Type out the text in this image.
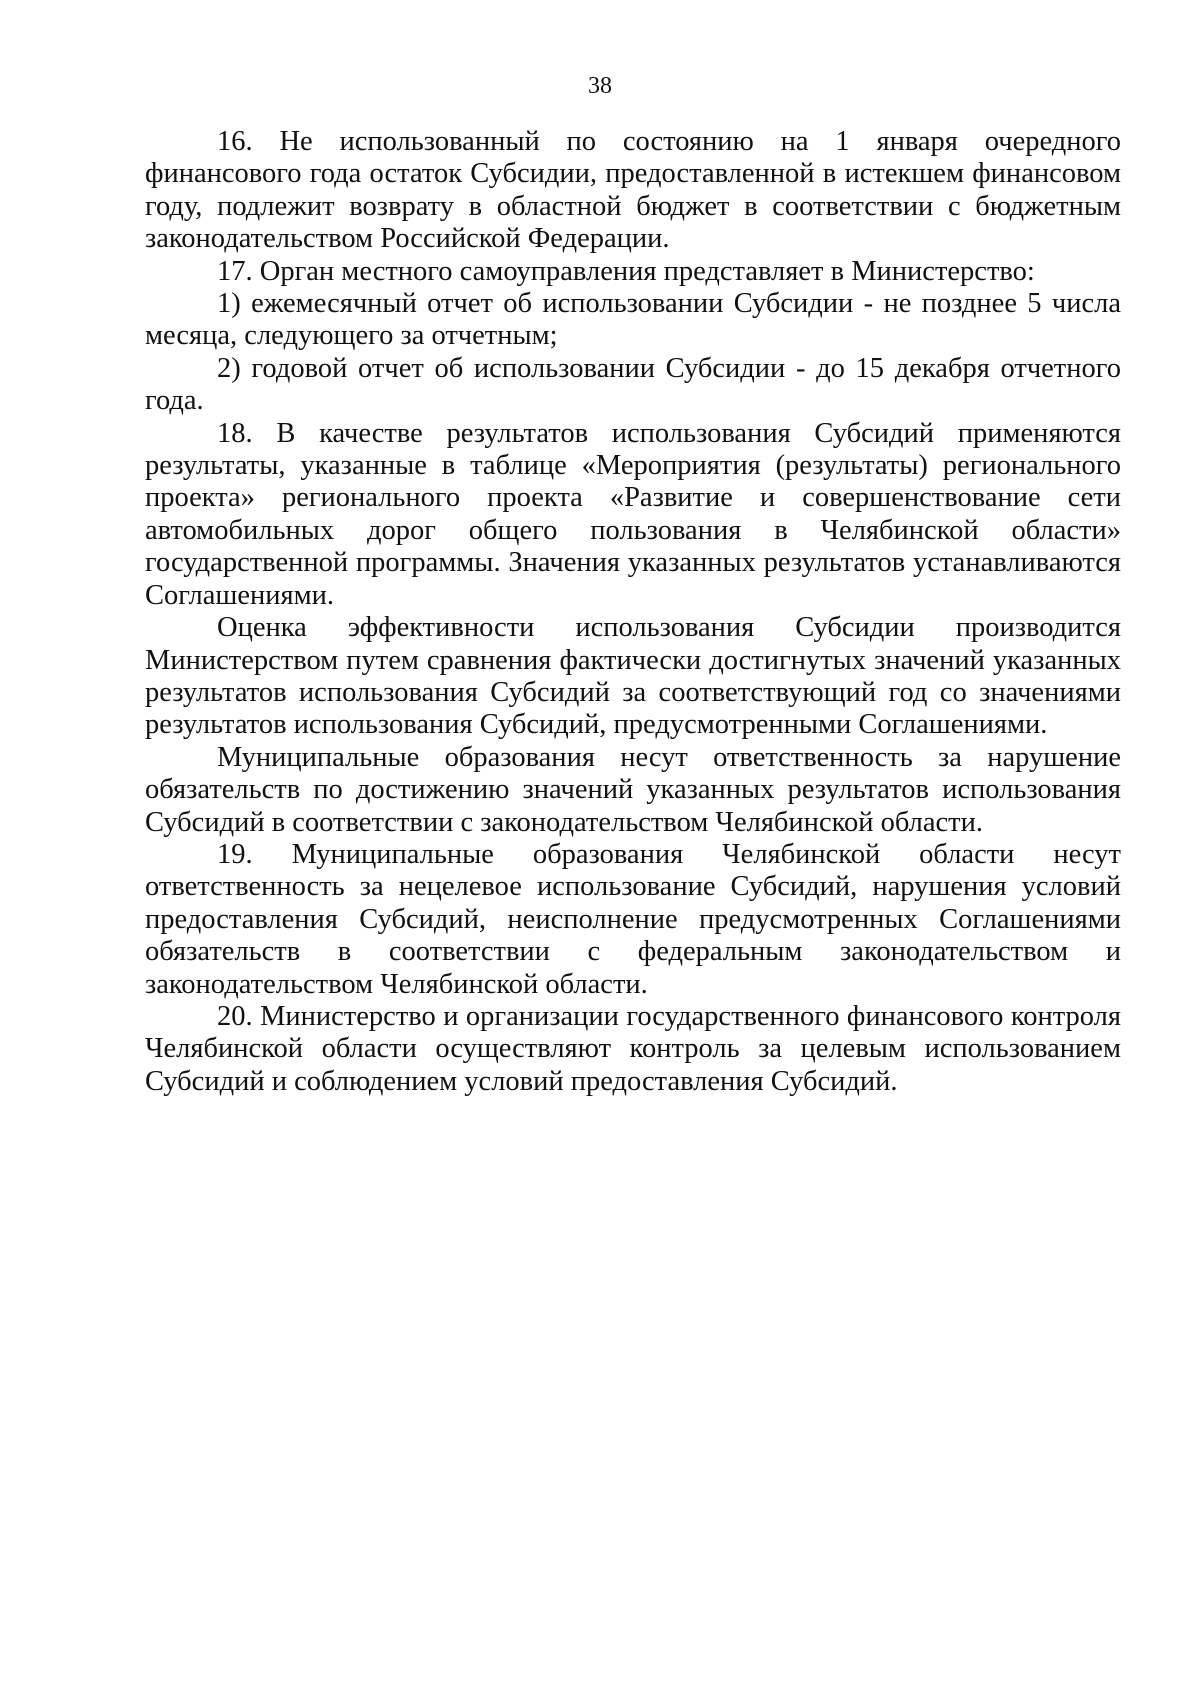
38

16. Не использованный по состоянию на 1 января очередного финансового года остаток Субсидии, предоставленной в истекшем финансовом году, подлежит возврату в областной бюджет в соответствии с бюджетным законодательством Российской Федерации.

17. Орган местного самоуправления представляет в Министерство:

1) ежемесячный отчет об использовании Субсидии - не позднее 5 числа месяца, следующего за отчетным;

2) годовой отчет об использовании Субсидии - до 15 декабря отчетного года.

18. В качестве результатов использования Субсидий применяются результаты, указанные в таблице «Мероприятия (результаты) регионального проекта» регионального проекта «Развитие и совершенствование сети автомобильных дорог общего пользования в Челябинской области» государственной программы. Значения указанных результатов устанавливаются Соглашениями.

Оценка эффективности использования Субсидии производится Министерством путем сравнения фактически достигнутых значений указанных результатов использования Субсидий за соответствующий год со значениями результатов использования Субсидий, предусмотренными Соглашениями.

Муниципальные образования несут ответственность за нарушение обязательств по достижению значений указанных результатов использования Субсидий в соответствии с законодательством Челябинской области.

19. Муниципальные образования Челябинской области несут ответственность за нецелевое использование Субсидий, нарушения условий предоставления Субсидий, неисполнение предусмотренных Соглашениями обязательств в соответствии с федеральным законодательством и законодательством Челябинской области.

20. Министерство и организации государственного финансового контроля Челябинской области осуществляют контроль за целевым использованием Субсидий и соблюдением условий предоставления Субсидий.
